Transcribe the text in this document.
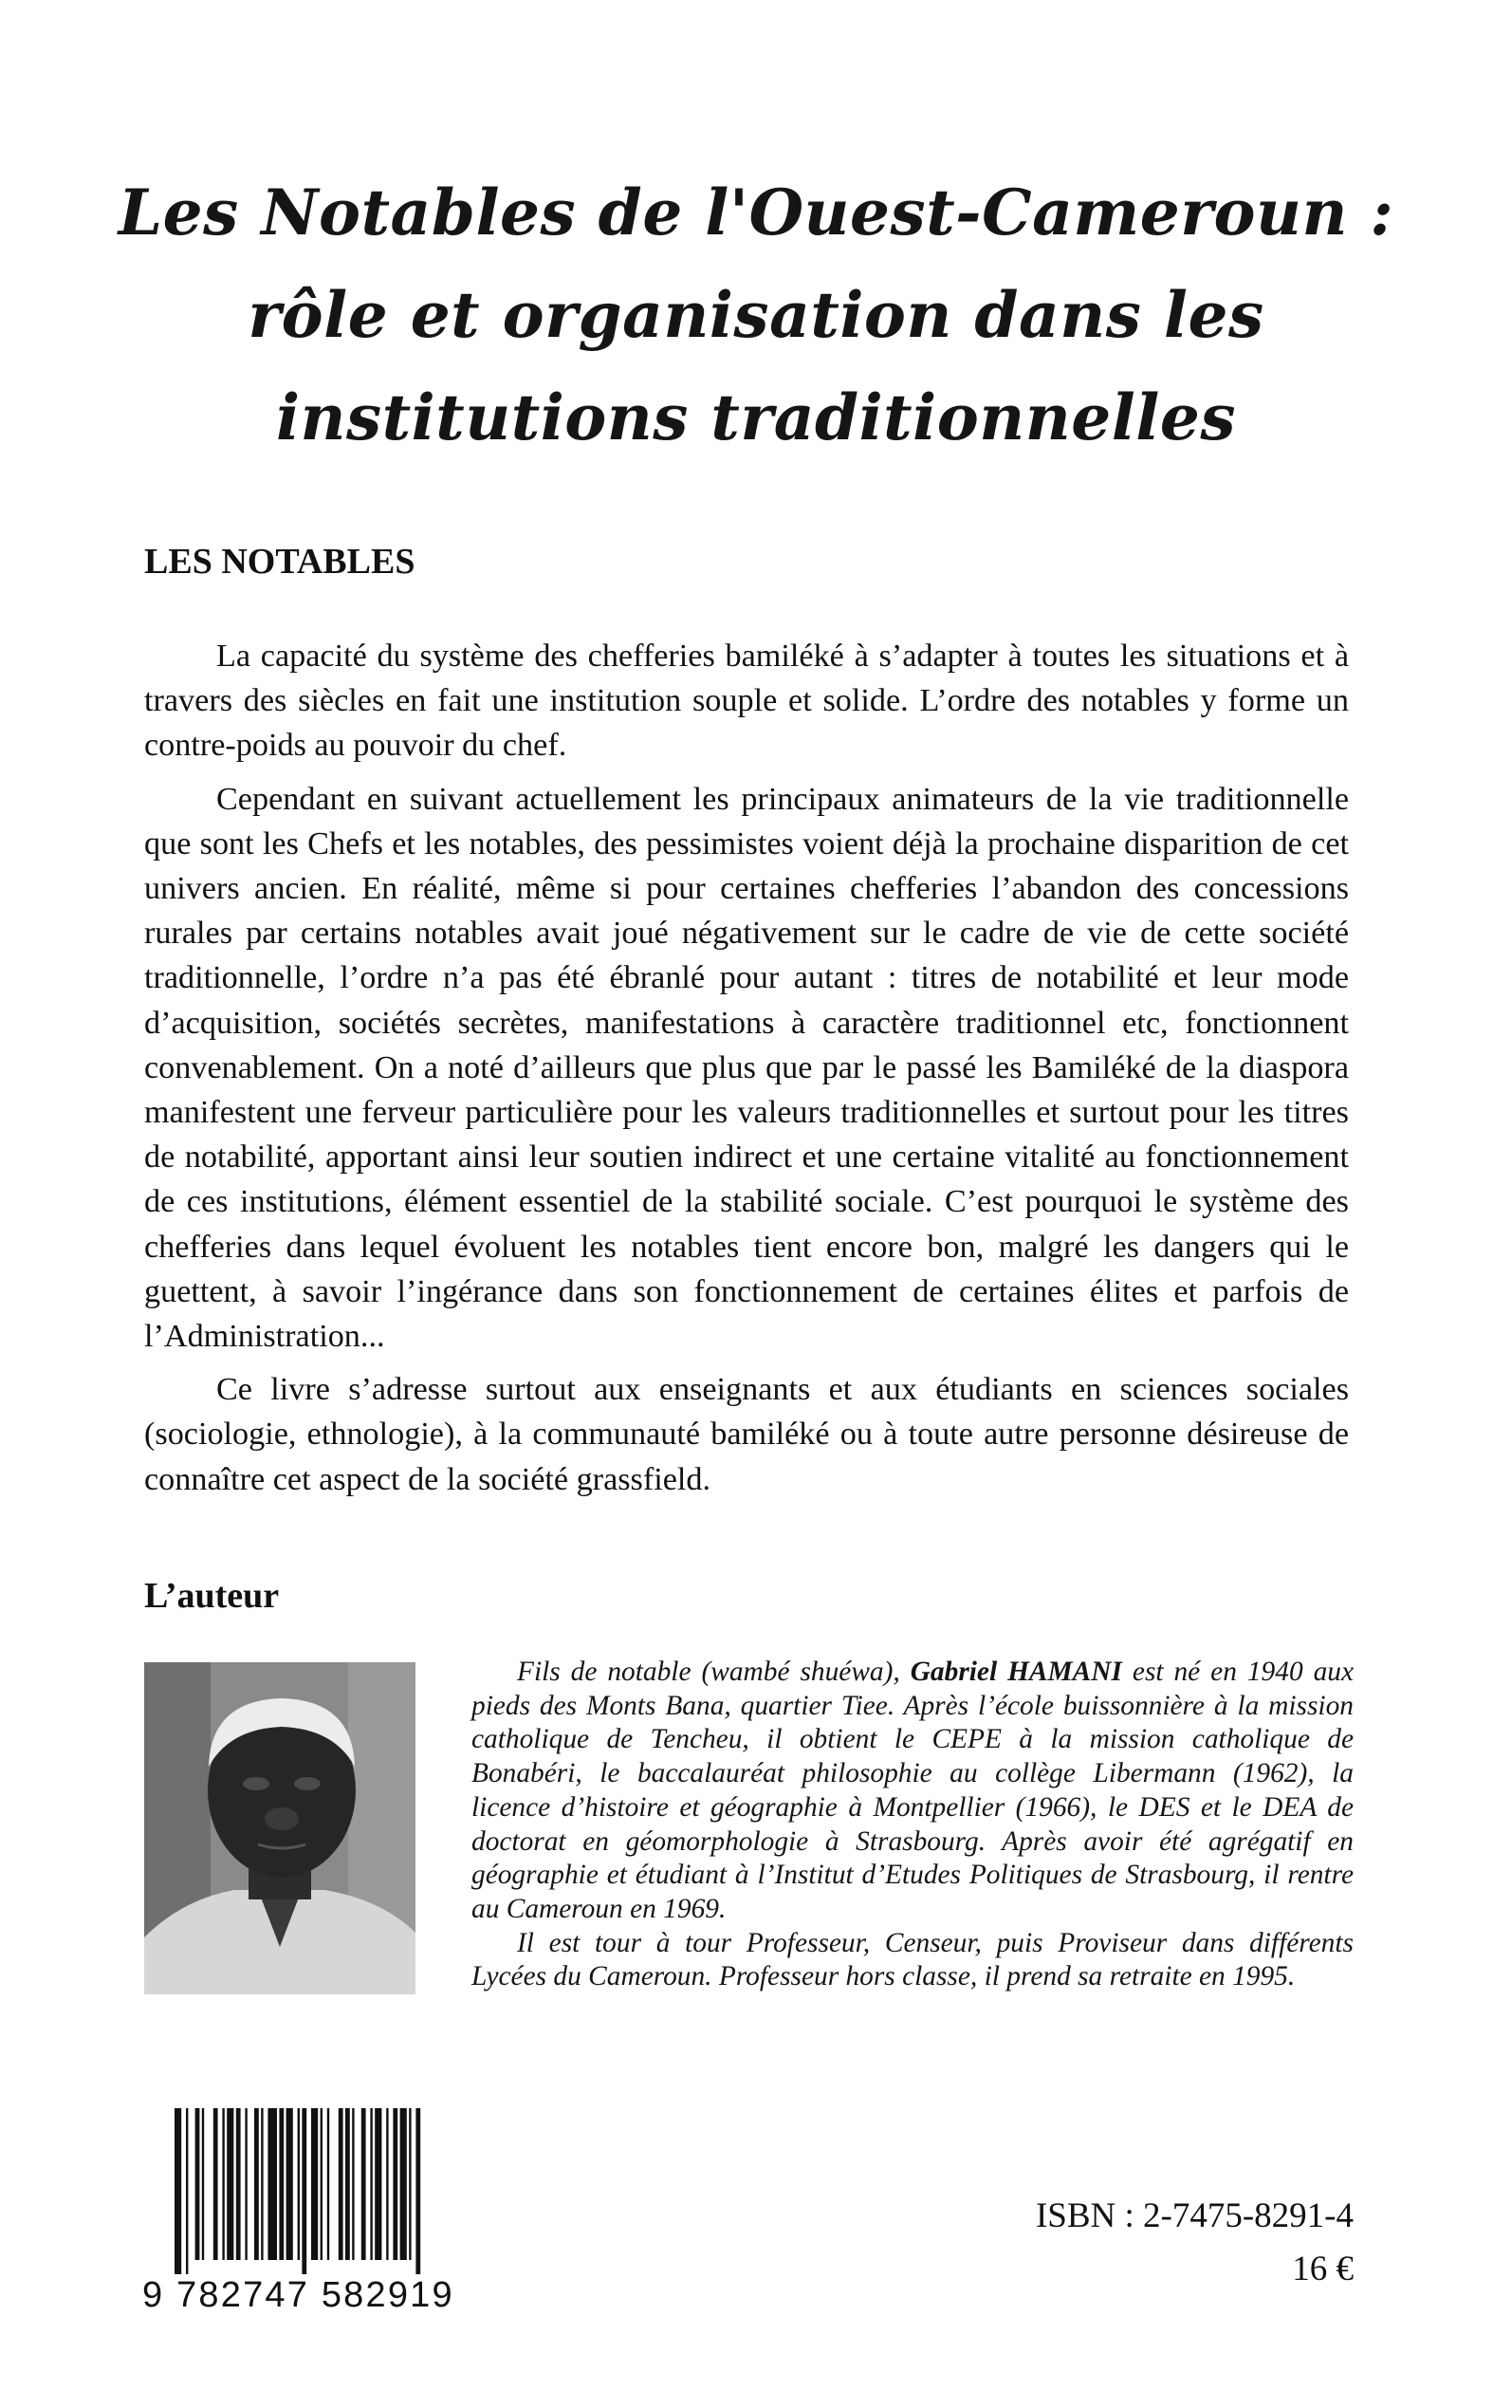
Les Notables de l'Ouest-Cameroun :
rôle et organisation dans les
institutions traditionnelles
LES NOTABLES

La capacité du système des chefferies bamiléké à s’adapter à toutes les situations et à travers des siècles en fait une institution souple et solide. L’ordre des notables y forme un contre-poids au pouvoir du chef.

Cependant en suivant actuellement les principaux animateurs de la vie traditionnelle que sont les Chefs et les notables, des pessimistes voient déjà la prochaine disparition de cet univers ancien. En réalité, même si pour certaines chefferies l’abandon des concessions rurales par certains notables avait joué négativement sur le cadre de vie de cette société traditionnelle, l’ordre n’a pas été ébranlé pour autant : titres de notabilité et leur mode d’acquisition, sociétés secrètes, manifestations à caractère traditionnel etc, fonctionnent convenablement. On a noté d’ailleurs que plus que par le passé les Bamiléké de la diaspora manifestent une ferveur particulière pour les valeurs traditionnelles et surtout pour les titres de notabilité, apportant ainsi leur soutien indirect et une certaine vitalité au fonctionnement de ces institutions, élément essentiel de la stabilité sociale. C’est pourquoi le système des chefferies dans lequel évoluent les notables tient encore bon, malgré les dangers qui le guettent, à savoir l’ingérance dans son fonctionnement de certaines élites et parfois de l’Administration...

Ce livre s’adresse surtout aux enseignants et aux étudiants en sciences sociales (sociologie, ethnologie), à la communauté bamiléké ou à toute autre personne désireuse de connaître cet aspect de la société grassfield.

L’auteur

Fils de notable (wambé shuéwa), Gabriel HAMANI est né en 1940 aux pieds des Monts Bana, quartier Tiee. Après l’école buissonnière à la mission catholique de Tencheu, il obtient le CEPE à la mission catholique de Bonabéri, le baccalauréat philosophie au collège Libermann (1962), la licence d’histoire et géographie à Montpellier (1966), le DES et le DEA de doctorat en géomorphologie à Strasbourg. Après avoir été agrégatif en géographie et étudiant à l’Institut d’Etudes Politiques de Strasbourg, il rentre au Cameroun en 1969.

Il est tour à tour Professeur, Censeur, puis Proviseur dans différents Lycées du Cameroun. Professeur hors classe, il prend sa retraite en 1995.

9 782747 582919
ISBN : 2-7475-8291-4
16 €
